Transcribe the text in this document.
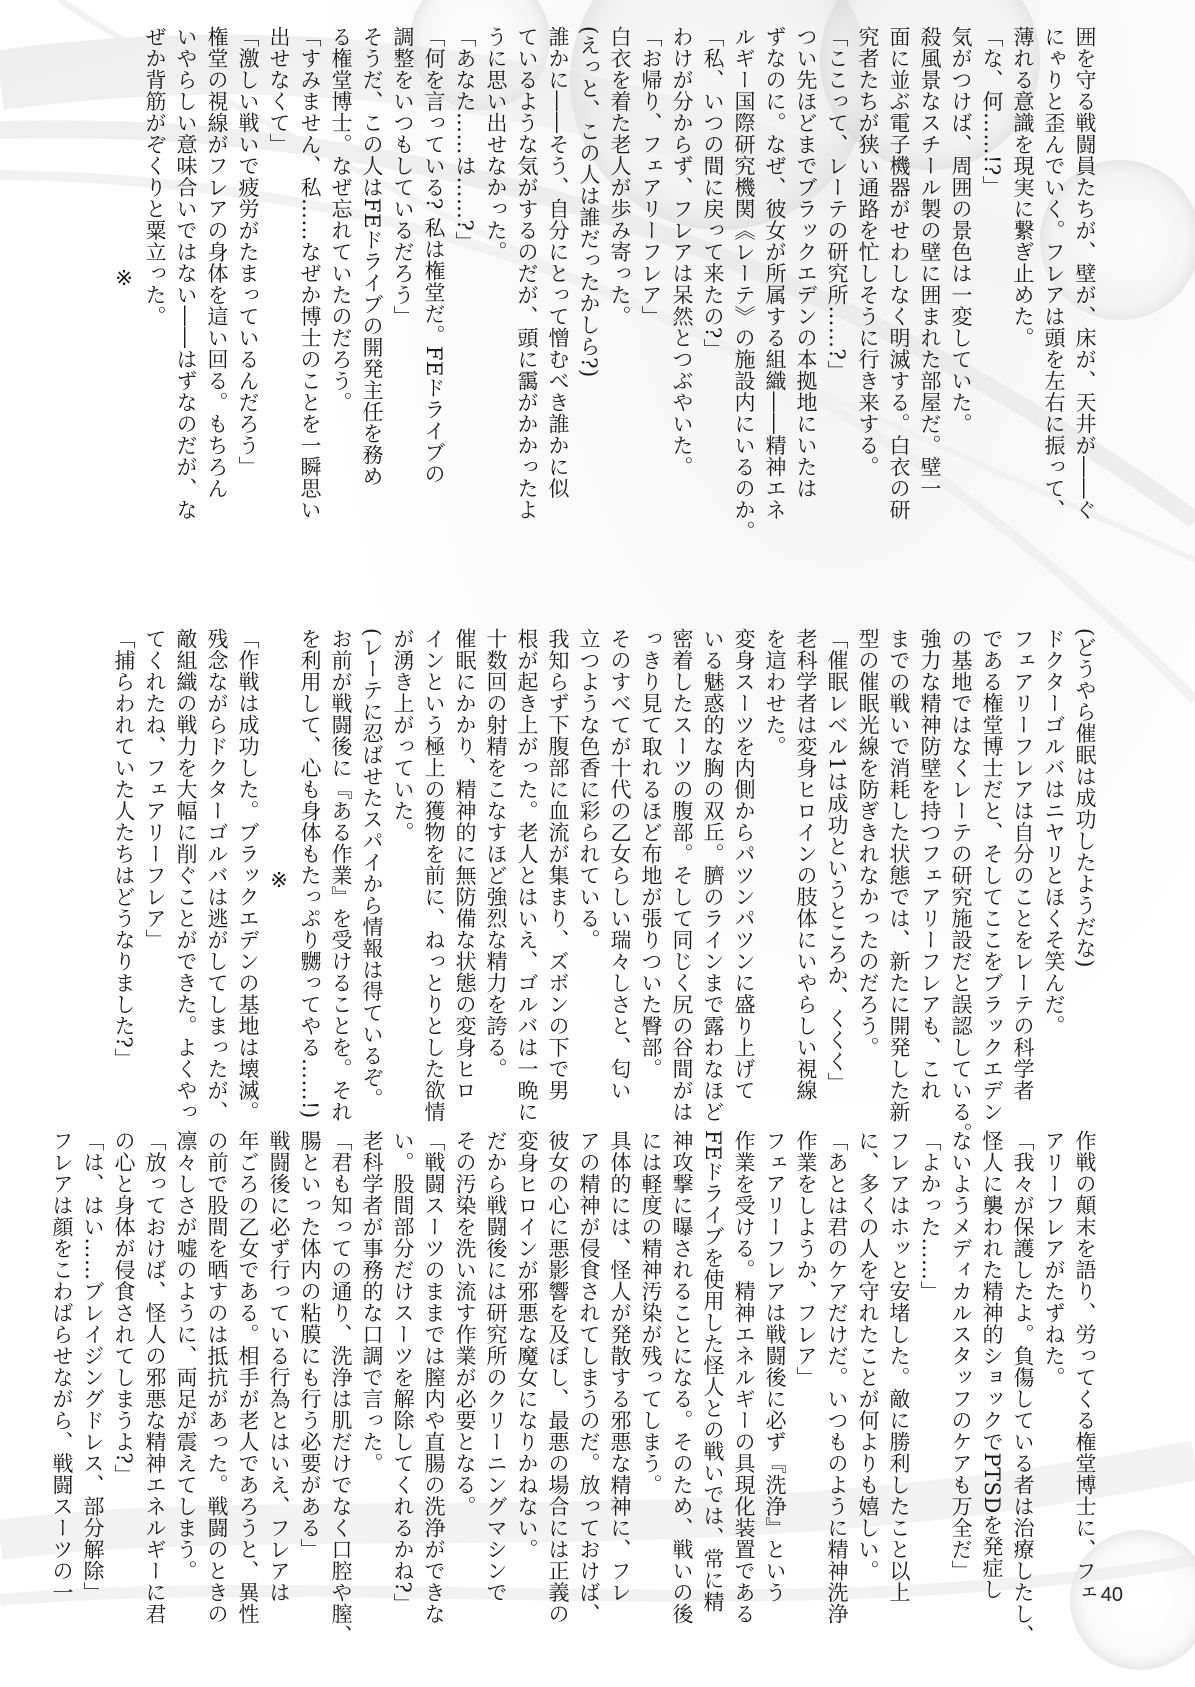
囲を守る戦闘員たちが、壁が、床が、天井が――ぐ
にゃりと歪んでいく。フレアは頭を左右に振って、
薄れる意識を現実に繋ぎ止めた。
「な、何……!?」
気がつけば、周囲の景色は一変していた。
殺風景なスチール製の壁に囲まれた部屋だ。壁一
面に並ぶ電子機器がせわしなく明滅する。白衣の研
究者たちが狭い通路を忙しそうに行き来する。
「ここって、レーテの研究所……?」
つい先ほどまでブラックエデンの本拠地にいたは
ずなのに。なぜ、彼女が所属する組織――精神エネ
ルギー国際研究機関《レーテ》の施設内にいるのか。
「私、いつの間に戻って来たの?」
わけが分からず、フレアは呆然とつぶやいた。
「お帰り、フェアリーフレア」
白衣を着た老人が歩み寄った。
(えっと、この人は誰だったかしら?)
誰かに――そう、自分にとって憎むべき誰かに似
ているような気がするのだが、頭に靄がかかったよ
うに思い出せなかった。
「あなた……は……?」
「何を言っている? 私は権堂だ。FEドライブの
調整をいつもしているだろう」
そうだ、この人はFEドライブの開発主任を務め
る権堂博士。なぜ忘れていたのだろう。
「すみません、私……なぜか博士のことを一瞬思い
出せなくて」
「激しい戦いで疲労がたまっているんだろう」
権堂の視線がフレアの身体を這い回る。もちろん
いやらしい意味合いではない――はずなのだが、な
ぜか背筋がぞくりと粟立った。
※
(どうやら催眠は成功したようだな)
ドクターゴルバはニヤリとほくそ笑んだ。
フェアリーフレアは自分のことをレーテの科学者
である権堂博士だと、そしてここをブラックエデン
の基地ではなくレーテの研究施設だと誤認している。
強力な精神防壁を持つフェアリーフレアも、これ
までの戦いで消耗した状態では、新たに開発した新
型の催眠光線を防ぎきれなかったのだろう。
「催眠レベル1は成功というところか、くくく」
老科学者は変身ヒロインの肢体にいやらしい視線
を這わせた。
変身スーツを内側からパツンパツンに盛り上げて
いる魅惑的な胸の双丘。臍のラインまで露わなほど
密着したスーツの腹部。そして同じく尻の谷間がは
っきり見て取れるほど布地が張りついた臀部。
そのすべてが十代の乙女らしい瑞々しさと、匂い
立つような色香に彩られている。
我知らず下腹部に血流が集まり、ズボンの下で男
根が起き上がった。老人とはいえ、ゴルバは一晩に
十数回の射精をこなすほど強烈な精力を誇る。
催眠にかかり、精神的に無防備な状態の変身ヒロ
インという極上の獲物を前に、ねっとりとした欲情
が湧き上がっていた。
(レーテに忍ばせたスパイから情報は得ているぞ。
お前が戦闘後に『ある作業』を受けることを。それ
を利用して、心も身体もたっぷり嬲ってやる……!)
※
「作戦は成功した。ブラックエデンの基地は壊滅。
残念ながらドクターゴルバは逃がしてしまったが、
敵組織の戦力を大幅に削ぐことができた。よくやっ
てくれたね、フェアリーフレア」
「捕らわれていた人たちはどうなりました?」
作戦の顛末を語り、労ってくる権堂博士に、フェ
アリーフレアがたずねた。
「我々が保護したよ。負傷している者は治療したし、
怪人に襲われた精神的ショックでPTSDを発症し
ないようメディカルスタッフのケアも万全だ」
「よかった……」
フレアはホッと安堵した。敵に勝利したこと以上
に、多くの人を守れたことが何よりも嬉しい。
「あとは君のケアだけだ。いつものように精神洗浄
作業をしようか、フレア」
フェアリーフレアは戦闘後に必ず『洗浄』という
作業を受ける。精神エネルギーの具現化装置である
FEドライブを使用した怪人との戦いでは、常に精
神攻撃に曝されることになる。そのため、戦いの後
には軽度の精神汚染が残ってしまう。
具体的には、怪人が発散する邪悪な精神に、フレ
アの精神が侵食されてしまうのだ。放っておけば、
彼女の心に悪影響を及ぼし、最悪の場合には正義の
変身ヒロインが邪悪な魔女になりかねない。
だから戦闘後には研究所のクリーニングマシンで
その汚染を洗い流す作業が必要となる。
「戦闘スーツのままでは膣内や直腸の洗浄ができな
い。股間部分だけスーツを解除してくれるかね?」
老科学者が事務的な口調で言った。
「君も知っての通り、洗浄は肌だけでなく口腔や膣、
腸といった体内の粘膜にも行う必要がある」
戦闘後に必ず行っている行為とはいえ、フレアは
年ごろの乙女である。相手が老人であろうと、異性
の前で股間を晒すのは抵抗があった。戦闘のときの
凛々しさが嘘のように、両足が震えてしまう。
「放っておけば、怪人の邪悪な精神エネルギーに君
の心と身体が侵食されてしまうよ?」
「は、はい……ブレイジングドレス、部分解除」
フレアは顔をこわばらせながら、戦闘スーツの一	40
